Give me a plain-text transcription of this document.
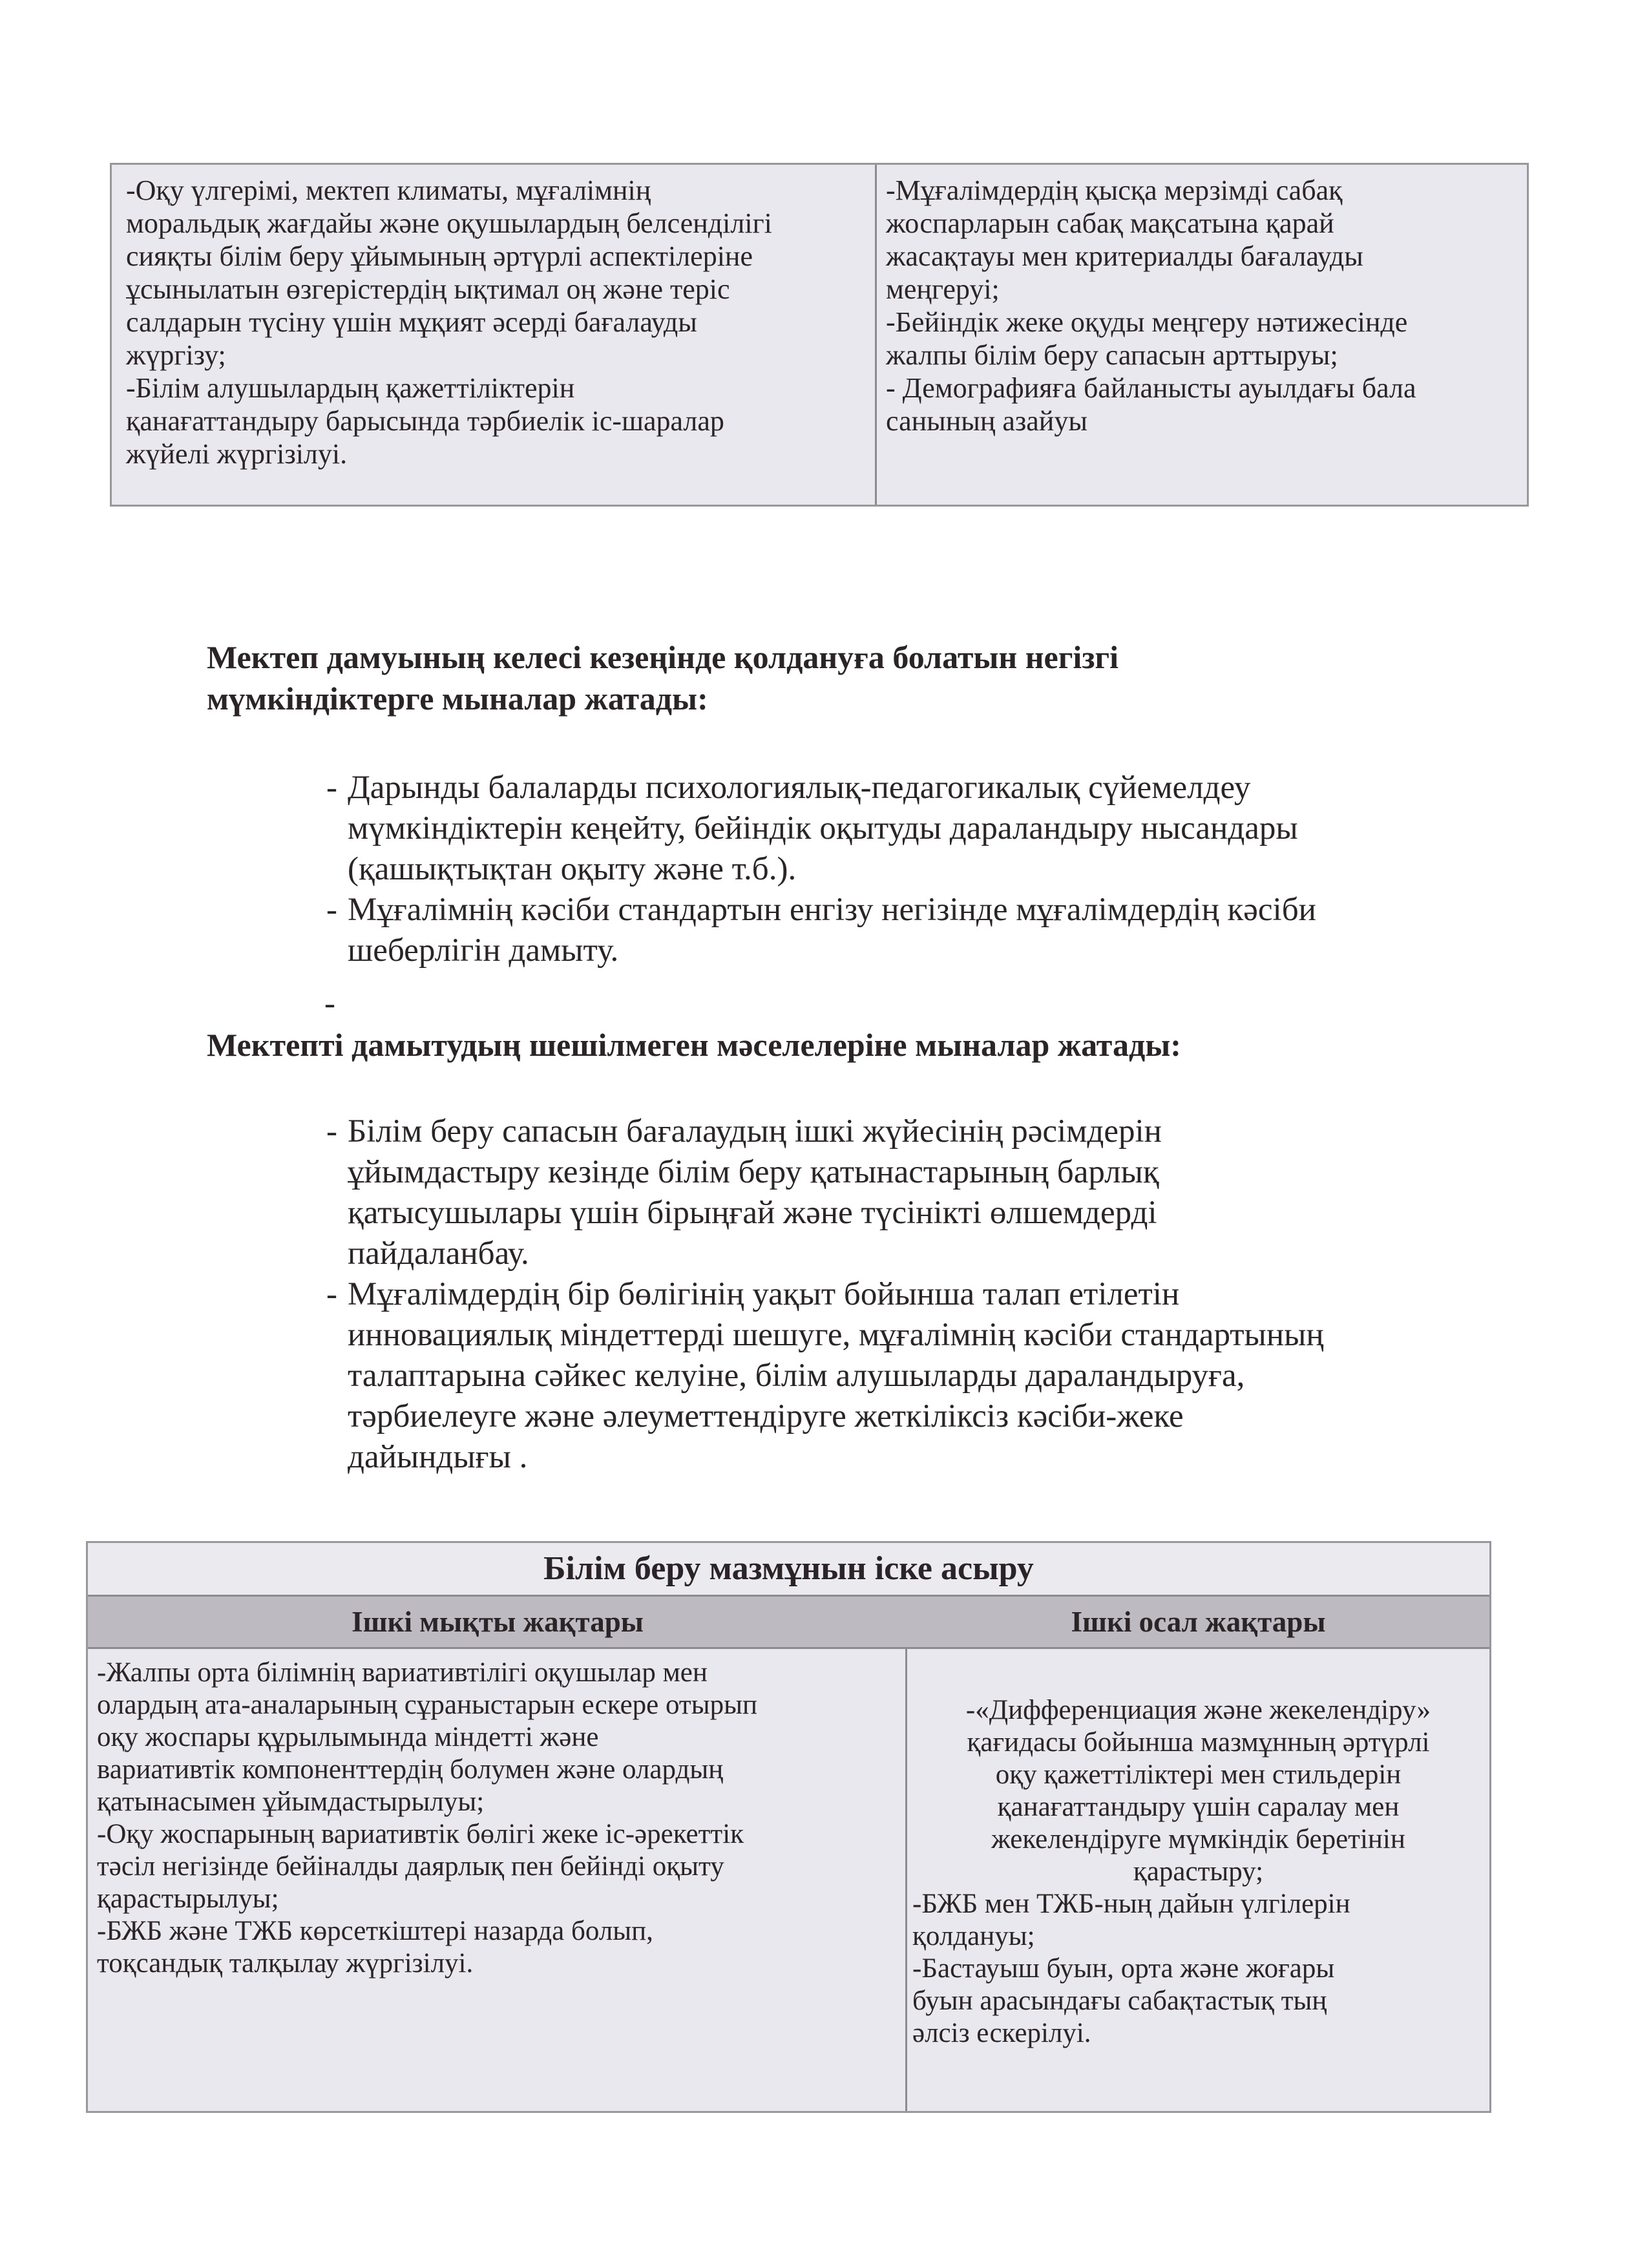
-Оқу үлгерімі, мектеп климаты, мұғалімнің
моральдық жағдайы және оқушылардың белсенділігі
сияқты білім беру ұйымының әртүрлі аспектілеріне
ұсынылатын өзгерістердің ықтимал оң және теріс
салдарын түсіну үшін мұқият әсерді бағалауды
жүргізу;
-Білім алушылардың қажеттіліктерін
қанағаттандыру барысында тәрбиелік іс-шаралар
жүйелі жүргізілуі.
-Мұғалімдердің қысқа мерзімді сабақ
жоспарларын сабақ мақсатына қарай
жасақтауы мен критериалды бағалауды
меңгеруі;
-Бейіндік жеке оқуды меңгеру нәтижесінде
жалпы білім беру сапасын арттыруы;
- Демографияға байланысты ауылдағы бала
санының азайуы
Мектеп дамуының келесі кезеңінде қолдануға болатын негізгі
мүмкіндіктерге мыналар жатады:
- Дарынды балаларды психологиялық-педагогикалық сүйемелдеу
мүмкіндіктерін кеңейту, бейіндік оқытуды дараландыру нысандары
(қашықтықтан оқыту және т.б.).
- Мұғалімнің кәсіби стандартын енгізу негізінде мұғалімдердің кәсіби
шеберлігін дамыту.
-
Мектепті дамытудың шешілмеген мәселелеріне мыналар жатады:
- Білім беру сапасын бағалаудың ішкі жүйесінің рәсімдерін
ұйымдастыру кезінде білім беру қатынастарының барлық
қатысушылары үшін бірыңғай және түсінікті өлшемдерді
пайдаланбау.
- Мұғалімдердің бір бөлігінің уақыт бойынша талап етілетін
инновациялық міндеттерді шешуге, мұғалімнің кәсіби стандартының
талаптарына сәйкес келуіне, білім алушыларды дараландыруға,
тәрбиелеуге және әлеуметтендіруге жеткіліксіз кәсіби-жеке
дайындығы .
Білім беру мазмұнын іске асыру
Ішкі мықты жақтары	Ішкі осал жақтары
-Жалпы орта білімнің вариативтілігі оқушылар мен
олардың ата-аналарының сұраныстарын ескере отырып
оқу жоспары құрылымында міндетті және
вариативтік компоненттердің болумен және олардың
қатынасымен ұйымдастырылуы;
-Оқу жоспарының вариативтік бөлігі жеке іс-әрекеттік
тәсіл негізінде бейіналды даярлық пен бейінді оқыту
қарастырылуы;
-БЖБ және ТЖБ көрсеткіштері назарда болып,
тоқсандық талқылау жүргізілуі.
-«Дифференциация және жекелендіру»
қағидасы бойынша мазмұнның әртүрлі
оқу қажеттіліктері мен стильдерін
қанағаттандыру үшін саралау мен
жекелендіруге мүмкіндік беретінін
қарастыру;
-БЖБ мен ТЖБ-ның дайын үлгілерін
қолдануы;
-Бастауыш буын, орта және жоғары
буын арасындағы сабақтастық тың
әлсіз ескерілуі.
